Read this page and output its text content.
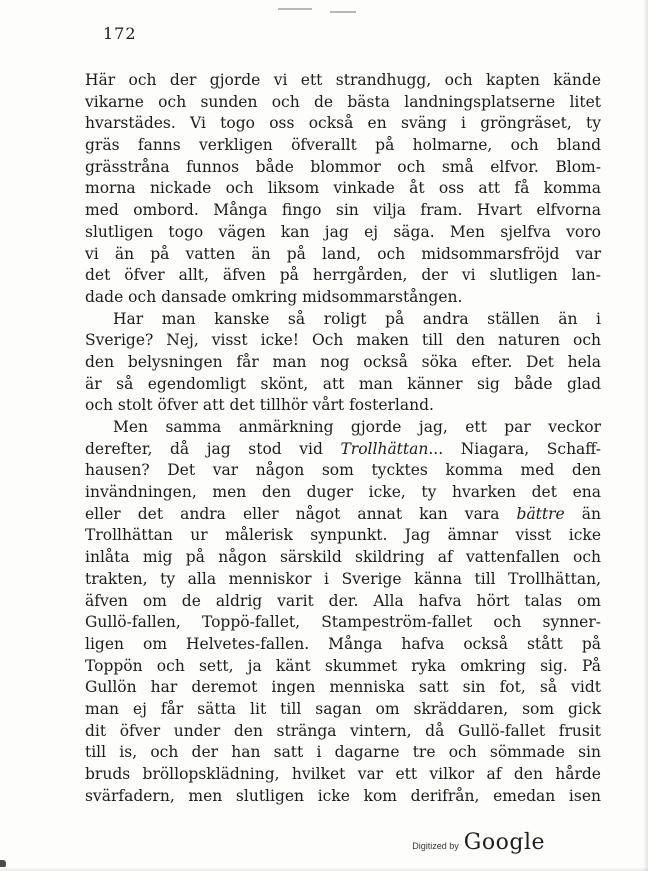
172
Här och der gjorde vi ett strandhugg, och kapten kände
vikarne och sunden och de bästa landningsplatserne litet
hvarstädes. Vi togo oss också en sväng i gröngräset, ty
gräs fanns verkligen öfverallt på holmarne, och bland
grässtråna funnos både blommor och små elfvor. Blom-
morna nickade och liksom vinkade åt oss att få komma
med ombord. Många fingo sin vilja fram. Hvart elfvorna
slutligen togo vägen kan jag ej säga. Men sjelfva voro
vi än på vatten än på land, och midsommarsfröjd var
det öfver allt, äfven på herrgården, der vi slutligen lan-
dade och dansade omkring midsommarstången.
Har man kanske så roligt på andra ställen än i
Sverige? Nej, visst icke! Och maken till den naturen och
den belysningen får man nog också söka efter. Det hela
är så egendomligt skönt, att man känner sig både glad
och stolt öfver att det tillhör vårt fosterland.
Men samma anmärkning gjorde jag, ett par veckor
derefter, då jag stod vid Trollhättan... Niagara, Schaff-
hausen? Det var någon som tycktes komma med den
invändningen, men den duger icke, ty hvarken det ena
eller det andra eller något annat kan vara bättre än
Trollhättan ur målerisk synpunkt. Jag ämnar visst icke
inlåta mig på någon särskild skildring af vattenfallen och
trakten, ty alla menniskor i Sverige känna till Trollhättan,
äfven om de aldrig varit der. Alla hafva hört talas om
Gullö-fallen, Toppö-fallet, Stampeström-fallet och synner-
ligen om Helvetes-fallen. Många hafva också stått på
Toppön och sett, ja känt skummet ryka omkring sig. På
Gullön har deremot ingen menniska satt sin fot, så vidt
man ej får sätta lit till sagan om skräddaren, som gick
dit öfver under den stränga vintern, då Gullö-fallet frusit
till is, och der han satt i dagarne tre och sömmade sin
bruds bröllopsklädning, hvilket var ett vilkor af den hårde
svärfadern, men slutligen icke kom derifrån, emedan isen
Digitized by Google
